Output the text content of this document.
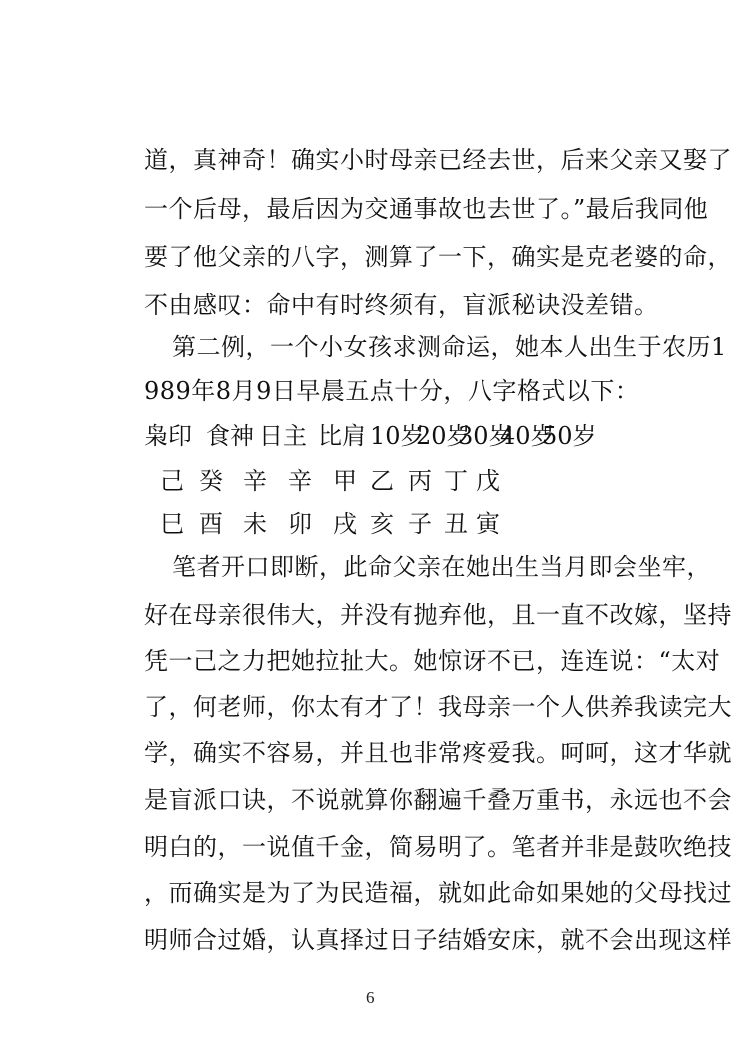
道，真神奇！确实小时母亲已经去世，后来父亲又娶了
一个后母，最后因为交通事故也去世了。”最后我同他
要了他父亲的八字，测算了一下，确实是克老婆的命，
不由感叹：命中有时终须有，盲派秘诀没差错。
第二例，一个小女孩求测命运，她本人出生于农历1
989年8月9日早晨五点十分，八字格式以下：
枭印 食神 日主 比肩 10岁
20岁
30岁
40岁
50岁
己 癸 辛 辛 甲 乙 丙 丁 戊
巳 酉 未 卯 戌 亥 子 丑 寅
笔者开口即断，此命父亲在她出生当月即会坐牢，
好在母亲很伟大，并没有抛弃他，且一直不改嫁，坚持
凭一己之力把她拉扯大。她惊讶不已，连连说：“太对
了，何老师，你太有才了！我母亲一个人供养我读完大
学，确实不容易，并且也非常疼爱我。呵呵，这才华就
是盲派口诀，不说就算你翻遍千叠万重书，永远也不会
明白的，一说值千金，简易明了。笔者并非是鼓吹绝技
，而确实是为了为民造福，就如此命如果她的父母找过
明师合过婚，认真择过日子结婚安床，就不会出现这样
6
